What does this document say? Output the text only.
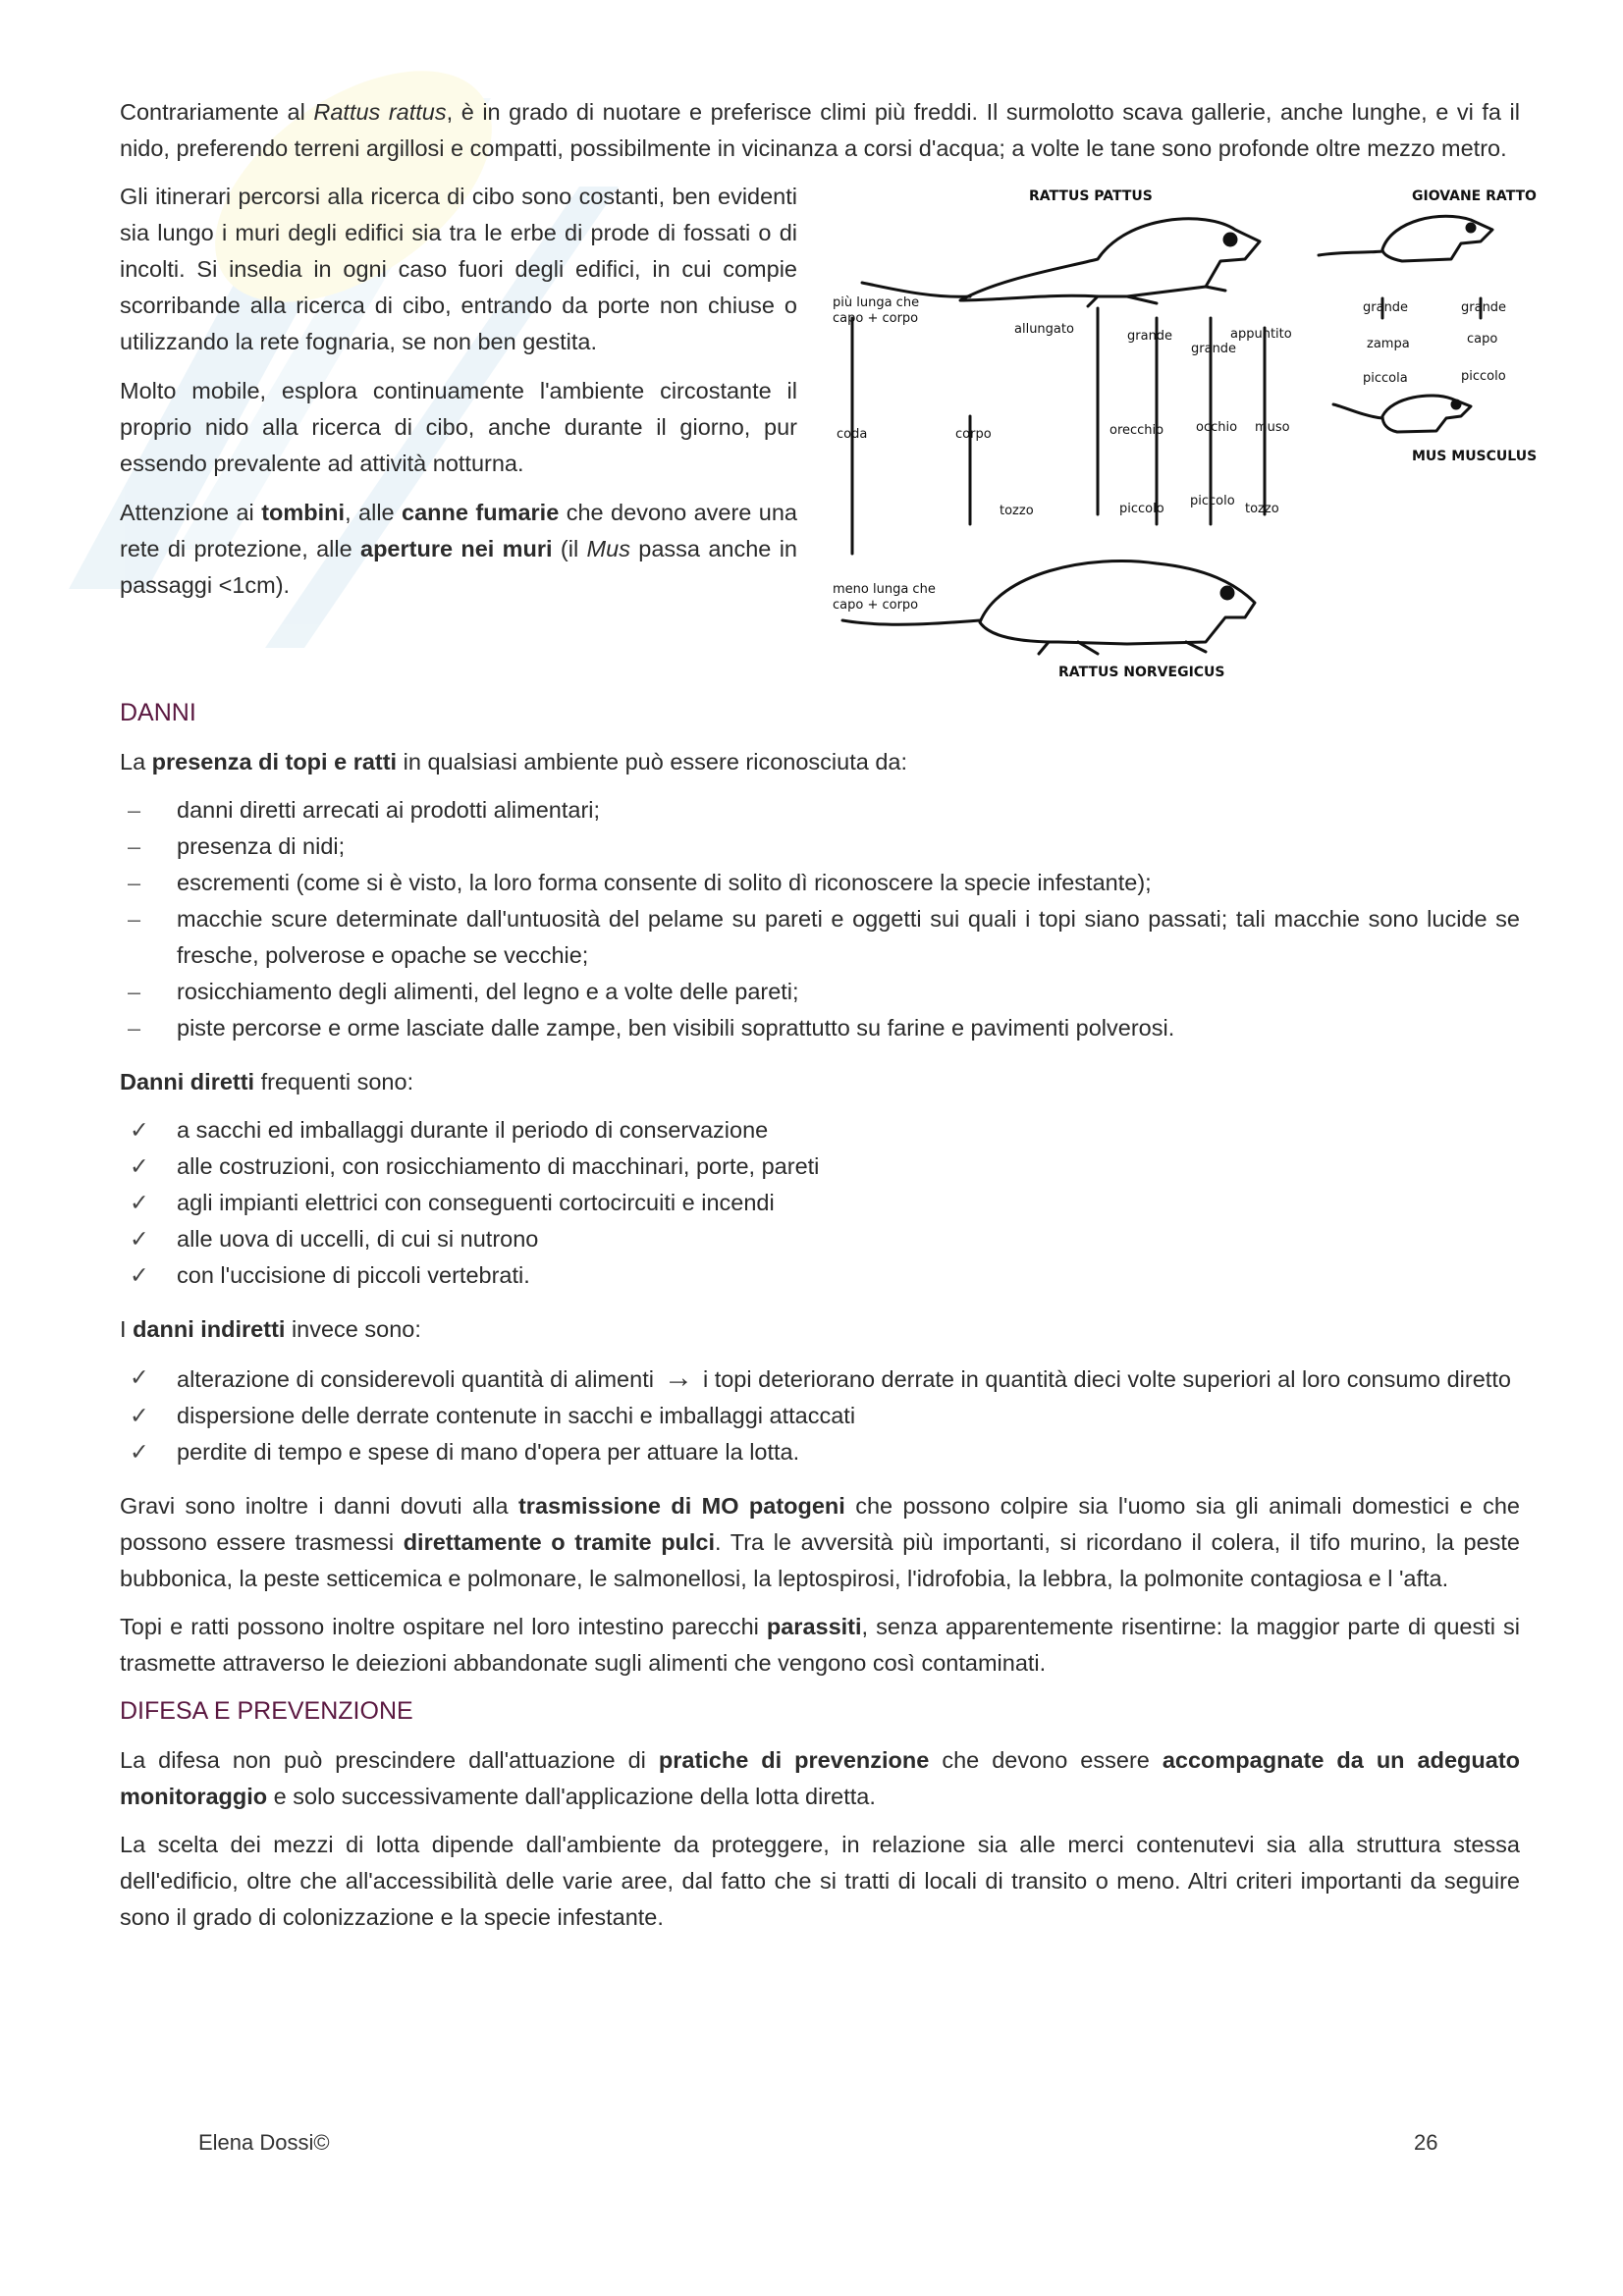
Contrariamente al Rattus rattus, è in grado di nuotare e preferisce climi più freddi. Il surmolotto scava gallerie, anche lunghe, e vi fa il nido, preferendo terreni argillosi e compatti, possibilmente in vicinanza a corsi d'acqua; a volte le tane sono profonde oltre mezzo metro.

Gli itinerari percorsi alla ricerca di cibo sono costanti, ben evidenti sia lungo i muri degli edifici sia tra le erbe di prode di fossati o di incolti. Si insedia in ogni caso fuori degli edifici, in cui compie scorribande alla ricerca di cibo, entrando da porte non chiuse o utilizzando la rete fognaria, se non ben gestita.

Molto mobile, esplora continuamente l'ambiente circostante il proprio nido alla ricerca di cibo, anche durante il giorno, pur essendo prevalente ad attività notturna.

Attenzione ai tombini, alle canne fumarie che devono avere una rete di protezione, alle aperture nei muri (il Mus passa anche in passaggi <1cm).

RATTUS PATTUS	GIOVANE RATTO
RATTUS NORVEGICUS
MUS MUSCULUS
più lunga che
capo + corpo
meno lunga che
capo + corpo
coda	corpo
allungato
tozzo
orecchio
grande
piccolo
occhio
grande
piccolo
muso
appuntito
tozzo
grande
zampa
piccola
grande
capo
piccolo
DANNI

La presenza di topi e ratti in qualsiasi ambiente può essere riconosciuta da:

– danni diretti arrecati ai prodotti alimentari;
– presenza di nidi;
– escrementi (come si è visto, la loro forma consente di solito dì riconoscere la specie infestante);
– macchie scure determinate dall'untuosità del pelame su pareti e oggetti sui quali i topi siano passati; tali macchie sono lucide se fresche, polverose e opache se vecchie;
– rosicchiamento degli alimenti, del legno e a volte delle pareti;
– piste percorse e orme lasciate dalle zampe, ben visibili soprattutto su farine e pavimenti polverosi.

Danni diretti frequenti sono:

✓ a sacchi ed imballaggi durante il periodo di conservazione
✓ alle costruzioni, con rosicchiamento di macchinari, porte, pareti
✓ agli impianti elettrici con conseguenti cortocircuiti e incendi
✓ alle uova di uccelli, di cui si nutrono
✓ con l'uccisione di piccoli vertebrati.

I danni indiretti invece sono:

✓ alterazione di considerevoli quantità di alimenti → i topi deteriorano derrate in quantità dieci volte superiori al loro consumo diretto
✓ dispersione delle derrate contenute in sacchi e imballaggi attaccati
✓ perdite di tempo e spese di mano d'opera per attuare la lotta.

Gravi sono inoltre i danni dovuti alla trasmissione di MO patogeni che possono colpire sia l'uomo sia gli animali domestici e che possono essere trasmessi direttamente o tramite pulci. Tra le avversità più importanti, si ricordano il colera, il tifo murino, la peste bubbonica, la peste setticemica e polmonare, le salmonellosi, la leptospirosi, l'idrofobia, la lebbra, la polmonite contagiosa e l 'afta.

Topi e ratti possono inoltre ospitare nel loro intestino parecchi parassiti, senza apparentemente risentirne: la maggior parte di questi si trasmette attraverso le deiezioni abbandonate sugli alimenti che vengono così contaminati.

DIFESA E PREVENZIONE

La difesa non può prescindere dall'attuazione di pratiche di prevenzione che devono essere accompagnate da un adeguato monitoraggio e solo successivamente dall'applicazione della lotta diretta.

La scelta dei mezzi di lotta dipende dall'ambiente da proteggere, in relazione sia alle merci contenutevi sia alla struttura stessa dell'edificio, oltre che all'accessibilità delle varie aree, dal fatto che si tratti di locali di transito o meno. Altri criteri importanti da seguire sono il grado di colonizzazione e la specie infestante.

Elena Dossi©	26
